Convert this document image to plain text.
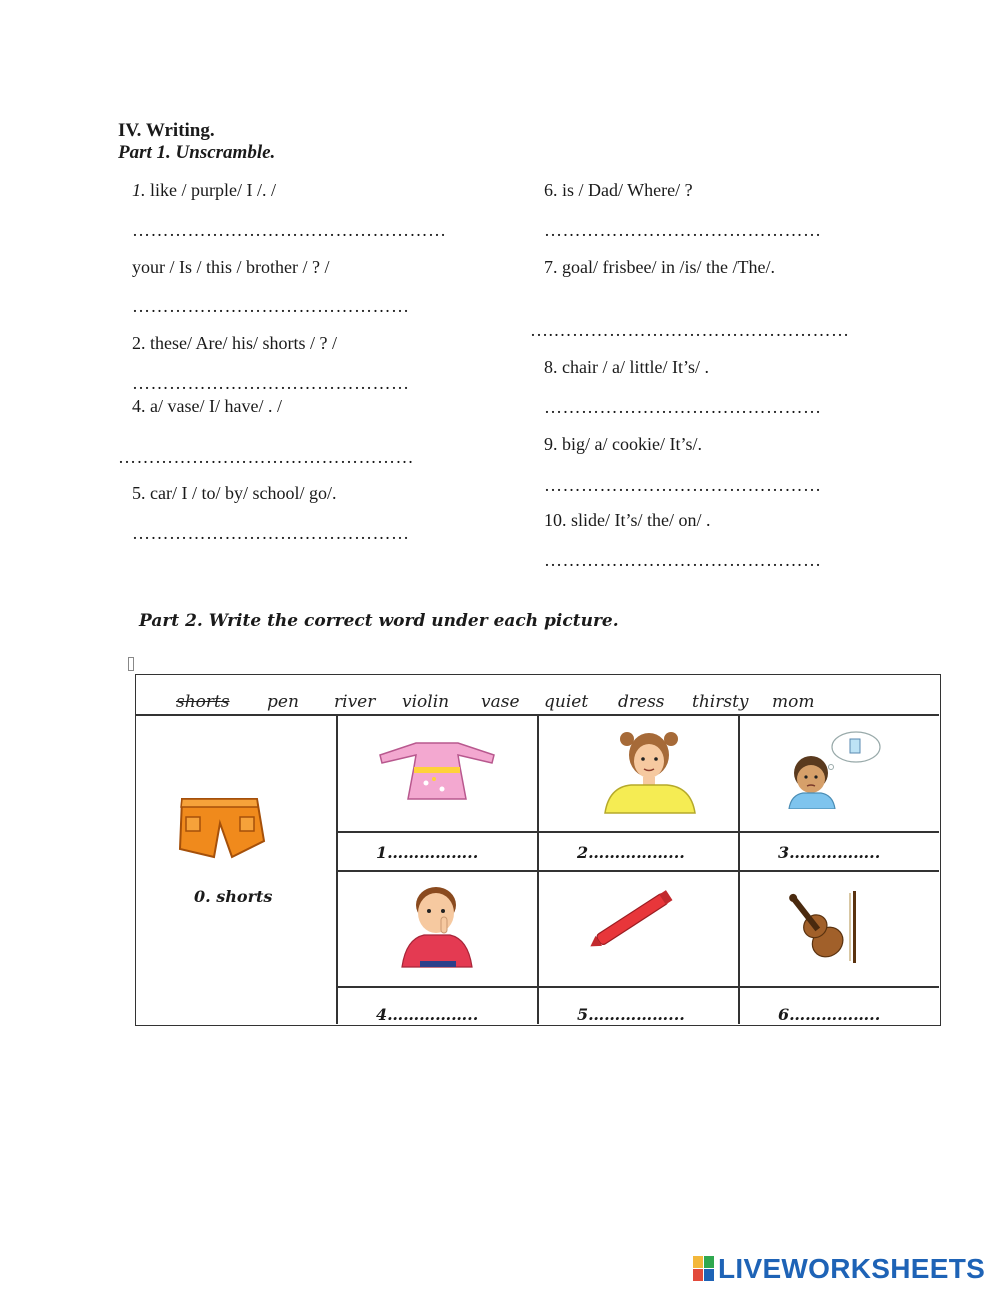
IV. Writing.
Part 1. Unscramble.
1. like / purple/ I /. /
……………………………………………
your / Is / this / brother / ? /
………………………………………
2. these/ Are/ his/ shorts / ? /
………………………………………
4. a/ vase/ I/ have/ . /
…………………………………………
5. car/ I / to/ by/ school/ go/.
………………………………………
6. is / Dad/ Where/ ?
………………………………………
7. goal/ frisbee/ in /is/ the /The/.
….…………………………………………
8. chair / a/ little/ It’s/ .
………………………………………
9. big/ a/ cookie/ It’s/.
………………………………………
10. slide/ It’s/ the/ on/ .
………………………………………
Part 2. Write the correct word under each picture.
shorts pen river violin vase quiet dress thirsty mom
0. shorts
1……………..	2……………...	3……………..
4……………..	5……………...	6……………..
LIVEWORKSHEETS
